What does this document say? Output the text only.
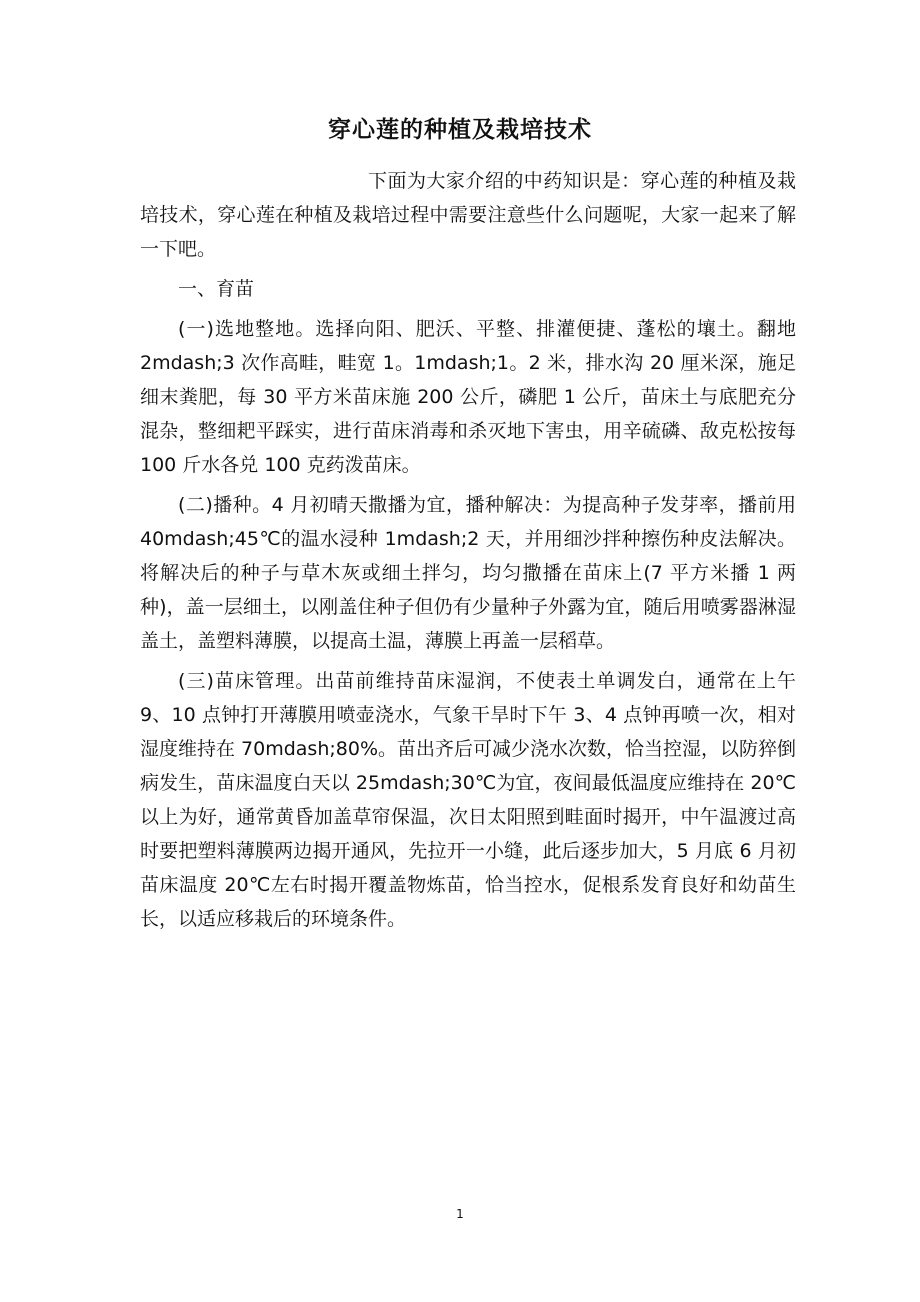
穿心莲的种植及栽培技术

下面为大家介绍的中药知识是：穿心莲的种植及栽培技术，穿心莲在种植及栽培过程中需要注意些什么问题呢，大家一起来了解一下吧。

一、育苗

(一)选地整地。选择向阳、肥沃、平整、排灌便捷、蓬松的壤土。翻地 2mdash;3 次作高畦，畦宽 1。1mdash;1。2 米，排水沟 20 厘米深，施足细末粪肥，每 30 平方米苗床施 200 公斤，磷肥 1 公斤，苗床土与底肥充分混杂，整细耙平踩实，进行苗床消毒和杀灭地下害虫，用辛硫磷、敌克松按每 100 斤水各兑 100 克药泼苗床。

(二)播种。4 月初晴天撒播为宜，播种解决：为提高种子发芽率，播前用 40mdash;45℃的温水浸种 1mdash;2 天，并用细沙拌种擦伤种皮法解决。将解决后的种子与草木灰或细土拌匀，均匀撒播在苗床上(7 平方米播 1 两种)，盖一层细土，以刚盖住种子但仍有少量种子外露为宜，随后用喷雾器淋湿盖土，盖塑料薄膜，以提高土温，薄膜上再盖一层稻草。

(三)苗床管理。出苗前维持苗床湿润，不使表土单调发白，通常在上午 9、10 点钟打开薄膜用喷壶浇水，气象干旱时下午 3、4 点钟再喷一次，相对湿度维持在 70mdash;80%。苗出齐后可减少浇水次数，恰当控湿，以防猝倒病发生，苗床温度白天以 25mdash;30℃为宜，夜间最低温度应维持在 20℃以上为好，通常黄昏加盖草帘保温，次日太阳照到畦面时揭开，中午温渡过高时要把塑料薄膜两边揭开通风，先拉开一小缝，此后逐步加大，5 月底 6 月初苗床温度 20℃左右时揭开覆盖物炼苗，恰当控水，促根系发育良好和幼苗生长，以适应移栽后的环境条件。

1
